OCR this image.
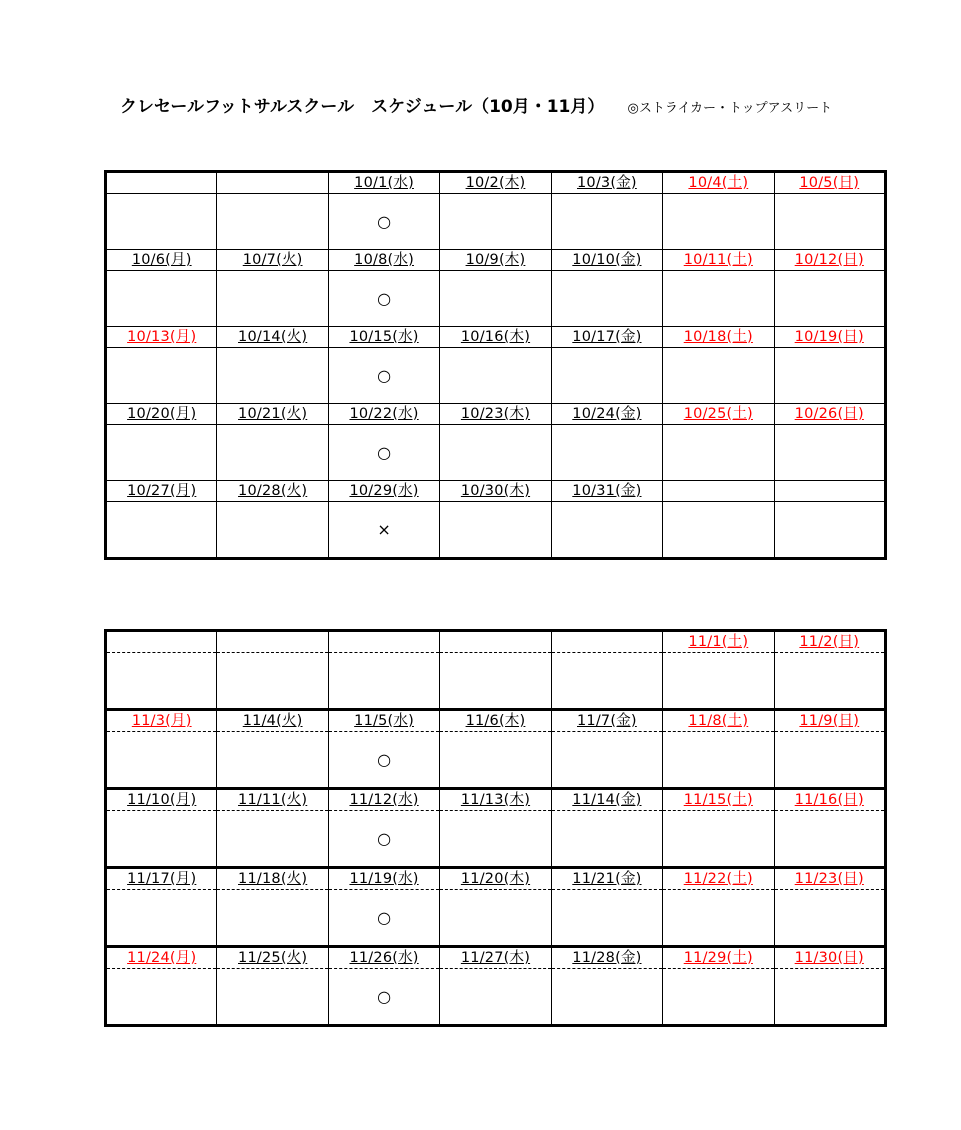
クレセールフットサルスクール　スケジュール（10月・11月） ◎ストライカー・トップアスリート
		10/1(水)	10/2(木)	10/3(金)	10/4(土)	10/5(日)
		○				
10/6(月)	10/7(火)	10/8(水)	10/9(木)	10/10(金)	10/11(土)	10/12(日)
		○				
10/13(月)	10/14(火)	10/15(水)	10/16(木)	10/17(金)	10/18(土)	10/19(日)
		○				
10/20(月)	10/21(火)	10/22(水)	10/23(木)	10/24(金)	10/25(土)	10/26(日)
		○				
10/27(月)	10/28(火)	10/29(水)	10/30(木)	10/31(金)		
		×				
					11/1(土)	11/2(日)

11/3(月)	11/4(火)	11/5(水)	11/6(木)	11/7(金)	11/8(土)	11/9(日)
		○				
11/10(月)	11/11(火)	11/12(水)	11/13(木)	11/14(金)	11/15(土)	11/16(日)
		○				
11/17(月)	11/18(火)	11/19(水)	11/20(木)	11/21(金)	11/22(土)	11/23(日)
		○				
11/24(月)	11/25(火)	11/26(水)	11/27(木)	11/28(金)	11/29(土)	11/30(日)
		○				
